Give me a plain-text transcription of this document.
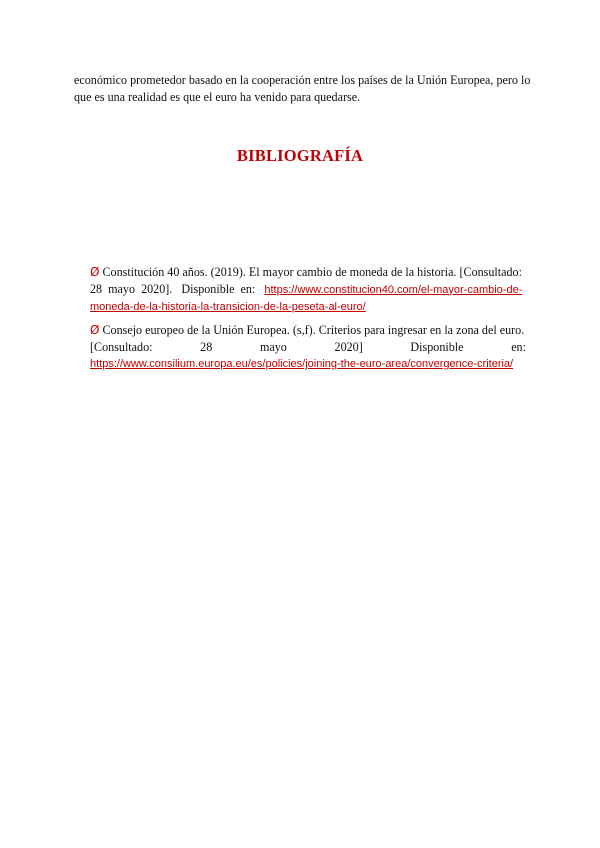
económico prometedor basado en la cooperación entre los países de la Unión Europea, pero lo
que es una realidad es que el euro ha venido para quedarse.
BIBLIOGRAFÍA
Ø Constitución 40 años. (2019). El mayor cambio de moneda de la historia. [Consultado:
28 mayo 2020]. Disponible en: https://www.constitucion40.com/el-mayor-cambio-de-
moneda-de-la-historia-la-transicion-de-la-peseta-al-euro/
Ø Consejo europeo de la Unión Europea. (s,f). Criterios para ingresar en la zona del euro.
[Consultado:	28	mayo	2020]	Disponible	en:
https://www.consilium.europa.eu/es/policies/joining-the-euro-area/convergence-criteria/
